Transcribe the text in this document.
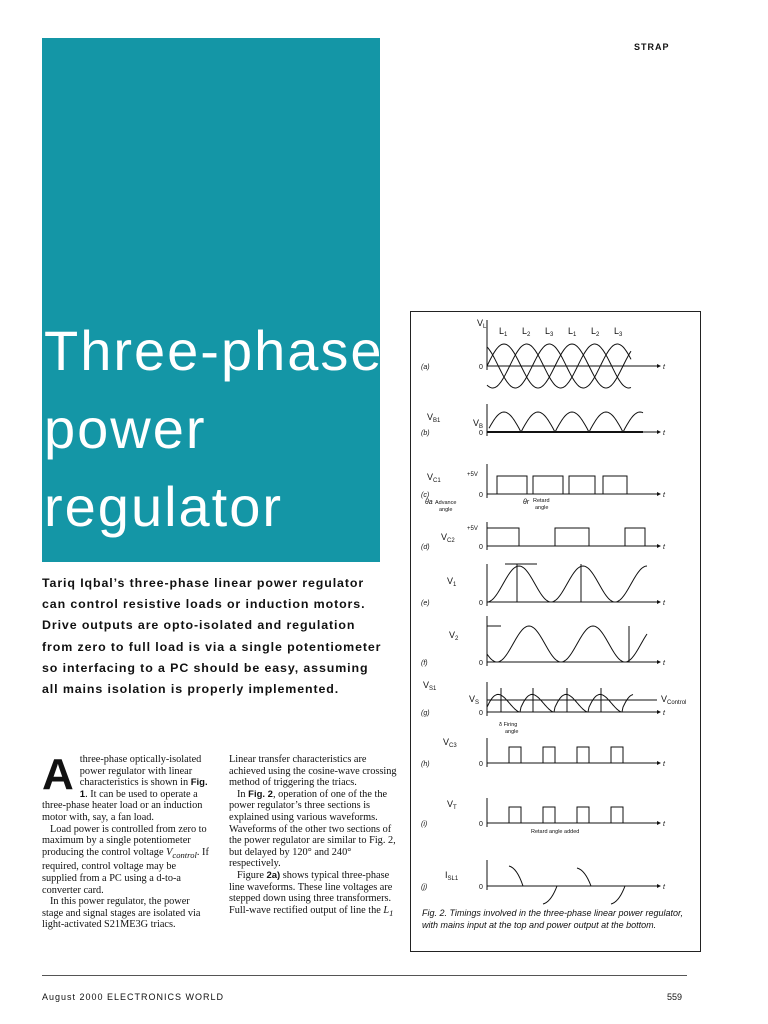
STRAP
Three-phase
power
regulator

Tariq Iqbal’s three-phase linear power regulator can control resistive loads or induction motors. Drive outputs are opto-isolated and regulation from zero to full load is via a single potentiometer so interfacing to a PC should be easy, assuming all mains isolation is properly implemented.

Athree-phase optically-isolated power regulator with linear characteristics is shown in Fig. 1. It can be used to operate a three-phase heater load or an induction motor with, say, a fan load.

Load power is controlled from zero to maximum by a single potentiometer producing the control voltage $V_{control}$. If required, control voltage may be supplied from a PC using a d-to-a converter card.

In this power regulator, the power stage and signal stages are isolated via light-activated S21ME3G triacs.

Linear transfer characteristics are achieved using the cosine-wave crossing method of triggering the triacs.

In Fig. 2, operation of one of the the power regulator’s three sections is explained using various waveforms. Waveforms of the other two sections of the power regulator are similar to Fig. 2, but delayed by 120° and 240° respectively.

Figure 2a) shows typical three-phase line waveforms. These line voltages are stepped down using three transformers. Full-wave rectified output of line the $L_1$

(a)
(b)
(c)
(d)
(e)
(f)
(g)
(h)
(i)
(j)
t
0
$V_L$ $L_1$ $L_2$ $L_3$ $L_1$ $L_2$ $L_3$
t
0
$V_{B1}$	$V_B$
t
0
$V_{C1}$
+5V
θa Advance
angle
θr Retard
angle
t
0
$V_{C2}$
+5V
t
0
$V_1$
t
0
$V_2$
t
0
$V_{S1}$
$V_S$	$V_{Control}$
δ Firing
angle
t
0
$V_{C3}$
t
0
$V_T$
Retard angle added
t
0
$I_{SL1}$

Fig. 2. Timings involved in the three-phase linear power regulator, with mains input at the top and power output at the bottom.

August 2000 ELECTRONICS WORLD	559
